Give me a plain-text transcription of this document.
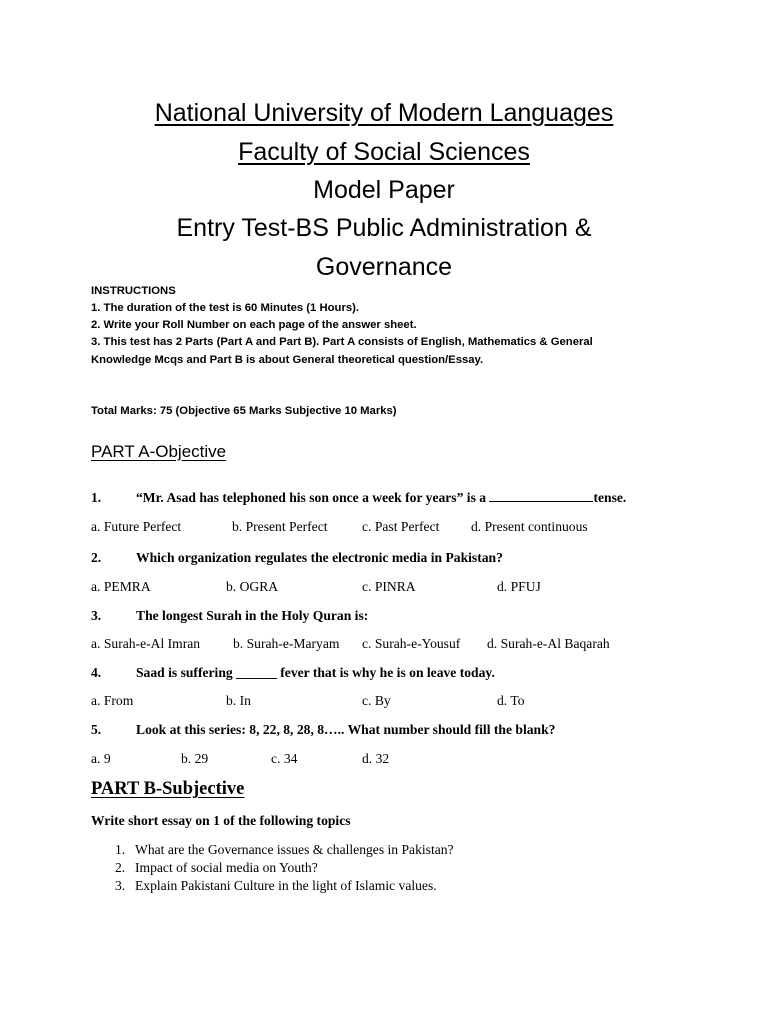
National University of Modern Languages
Faculty of Social Sciences
Model Paper
Entry Test-BS Public Administration &
Governance
INSTRUCTIONS
1. The duration of the test is 60 Minutes (1 Hours).
2. Write your Roll Number on each page of the answer sheet.
3. This test has 2 Parts (Part A and Part B). Part A consists of English, Mathematics & General
Knowledge Mcqs and Part B is about General theoretical question/Essay.
Total Marks: 75 (Objective 65 Marks Subjective 10 Marks)
PART A-Objective
1.	“Mr. Asad has telephoned his son once a week for years” is a	tense.
a. Future Perfect	b. Present Perfect	c. Past Perfect d. Present continuous
2.	Which organization regulates the electronic media in Pakistan?
a. PEMRA	b. OGRA	c. PINRA	d. PFUJ
3.	The longest Surah in the Holy Quran is:
a. Surah-e-Al Imran b. Surah-e-Maryam c. Surah-e-Yousuf d. Surah-e-Al Baqarah
4.	Saad is suffering ______ fever that is why he is on leave today.
a. From	b. In	c. By	d. To
5.	Look at this series: 8, 22, 8, 28, 8….. What number should fill the blank?
a. 9	b. 29	c. 34	d. 32
PART B-Subjective
Write short essay on 1 of the following topics
1. What are the Governance issues & challenges in Pakistan?
2. Impact of social media on Youth?
3. Explain Pakistani Culture in the light of Islamic values.
